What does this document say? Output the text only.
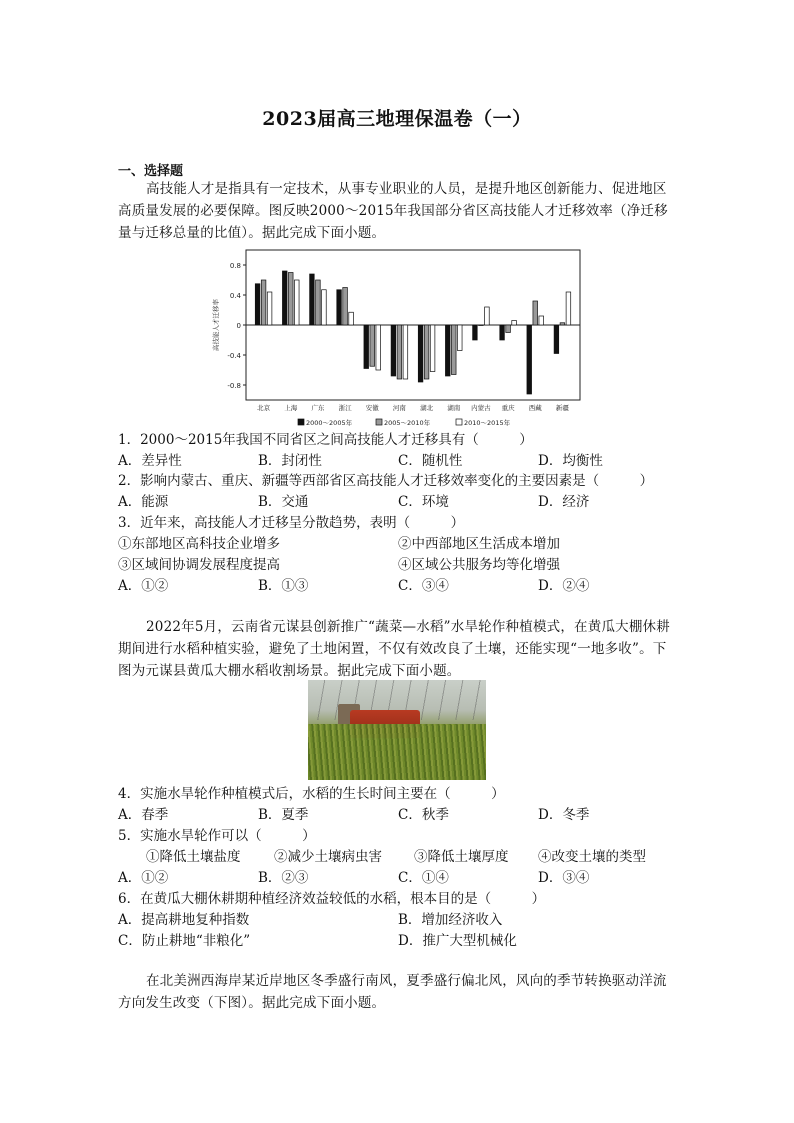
2023届高三地理保温卷（一）
一、选择题
高技能人才是指具有一定技术，从事专业职业的人员，是提升地区创新能力、促进地区高质量发展的必要保障。图反映2000～2015年我国部分省区高技能人才迁移效率（净迁移量与迁移总量的比值）。据此完成下面小题。
0.8
0.4
0
-0.4
-0.8
高技能人才迁移率
北京 上海 广东 浙江 安徽 河南 湖北 湖南 内蒙古 重庆 西藏 新疆
2000～2005年	2005～2010年	2010～2015年
1．2000～2015年我国不同省区之间高技能人才迁移具有（　　　）
A．差异性	B．封闭性	C．随机性	D．均衡性
2．影响内蒙古、重庆、新疆等西部省区高技能人才迁移效率变化的主要因素是（　　　）
A．能源	B．交通	C．环境	D．经济
3．近年来，高技能人才迁移呈分散趋势，表明（　　　）
①东部地区高科技企业增多	②中西部地区生活成本增加
③区域间协调发展程度提高	④区域公共服务均等化增强
A．①②	B．①③	C．③④	D．②④
2022年5月，云南省元谋县创新推广“蔬菜—水稻”水旱轮作种植模式，在黄瓜大棚休耕期间进行水稻种植实验，避免了土地闲置，不仅有效改良了土壤，还能实现“一地多收”。下图为元谋县黄瓜大棚水稻收割场景。据此完成下面小题。
4．实施水旱轮作种植模式后，水稻的生长时间主要在（　　　）
A．春季	B．夏季	C．秋季	D．冬季
5．实施水旱轮作可以（　　　）
①降低土壤盐度 ②减少土壤病虫害 ③降低土壤厚度 ④改变土壤的类型
A．①②	B．②③	C．①④	D．③④
6．在黄瓜大棚休耕期种植经济效益较低的水稻，根本目的是（　　　）
A．提高耕地复种指数	B．增加经济收入
C．防止耕地“非粮化”	D．推广大型机械化
在北美洲西海岸某近岸地区冬季盛行南风，夏季盛行偏北风，风向的季节转换驱动洋流方向发生改变（下图）。据此完成下面小题。
